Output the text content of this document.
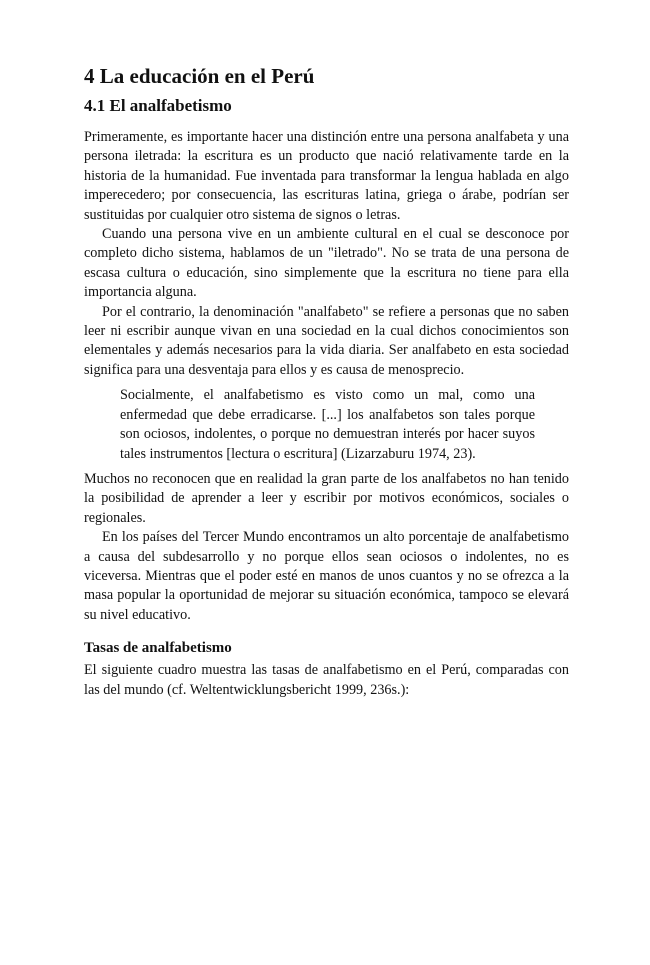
4 La educación en el Perú
4.1 El analfabetismo

Primeramente, es importante hacer una distinción entre una persona analfabeta y una persona iletrada: la escritura es un producto que nació relativamente tarde en la historia de la humanidad. Fue inventada para transformar la lengua hablada en algo imperecedero; por consecuencia, las escrituras latina, griega o árabe, podrían ser sustituidas por cualquier otro sistema de signos o letras.

Cuando una persona vive en un ambiente cultural en el cual se desconoce por completo dicho sistema, hablamos de un "iletrado". No se trata de una persona de escasa cultura o educación, sino simplemente que la escritura no tiene para ella importancia alguna.

Por el contrario, la denominación "analfabeto" se refiere a personas que no saben leer ni escribir aunque vivan en una sociedad en la cual dichos conocimientos son elementales y además necesarios para la vida diaria. Ser analfabeto en esta sociedad significa para una desventaja para ellos y es causa de menosprecio.

Socialmente, el analfabetismo es visto como un mal, como una enfermedad que debe erradicarse. [...] los analfabetos son tales porque son ociosos, indolentes, o porque no demuestran interés por hacer suyos tales instrumentos [lectura o escritura] (Lizarzaburu 1974, 23).

Muchos no reconocen que en realidad la gran parte de los analfabetos no han tenido la posibilidad de aprender a leer y escribir por motivos económicos, sociales o regionales.

En los países del Tercer Mundo encontramos un alto porcentaje de analfabetismo a causa del subdesarrollo y no porque ellos sean ociosos o indolentes, no es viceversa. Mientras que el poder esté en manos de unos cuantos y no se ofrezca a la masa popular la oportunidad de mejorar su situación económica, tampoco se elevará su nivel educativo.

Tasas de analfabetismo

El siguiente cuadro muestra las tasas de analfabetismo en el Perú, comparadas con las del mundo (cf. Weltentwicklungsbericht 1999, 236s.):
